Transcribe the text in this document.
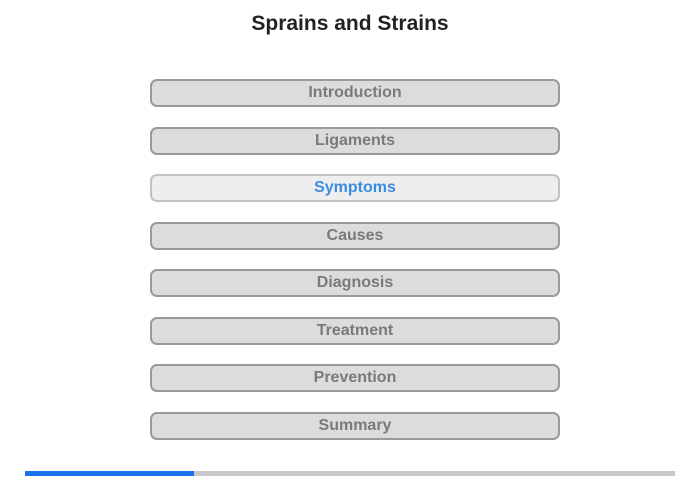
Sprains and Strains
Introduction
Ligaments
Symptoms
Causes
Diagnosis
Treatment
Prevention
Summary
